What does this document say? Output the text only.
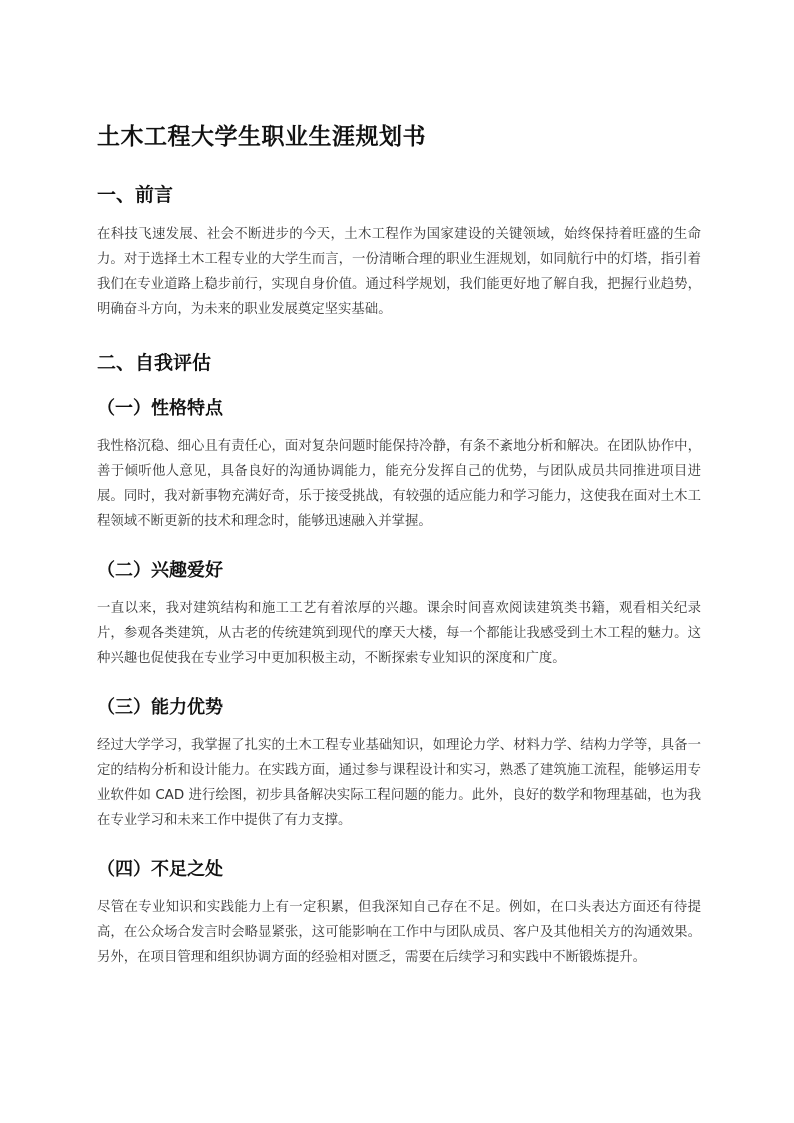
土木工程大学生职业生涯规划书
一、前言

在科技飞速发展、社会不断进步的今天，土木工程作为国家建设的关键领域，始终保持着旺盛的生命力。对于选择土木工程专业的大学生而言，一份清晰合理的职业生涯规划，如同航行中的灯塔，指引着我们在专业道路上稳步前行，实现自身价值。通过科学规划，我们能更好地了解自我，把握行业趋势，明确奋斗方向，为未来的职业发展奠定坚实基础。

二、自我评估
（一）性格特点

我性格沉稳、细心且有责任心，面对复杂问题时能保持冷静，有条不紊地分析和解决。在团队协作中，善于倾听他人意见，具备良好的沟通协调能力，能充分发挥自己的优势，与团队成员共同推进项目进展。同时，我对新事物充满好奇，乐于接受挑战，有较强的适应能力和学习能力，这使我在面对土木工程领域不断更新的技术和理念时，能够迅速融入并掌握。

（二）兴趣爱好

一直以来，我对建筑结构和施工工艺有着浓厚的兴趣。课余时间喜欢阅读建筑类书籍，观看相关纪录片，参观各类建筑，从古老的传统建筑到现代的摩天大楼，每一个都能让我感受到土木工程的魅力。这种兴趣也促使我在专业学习中更加积极主动，不断探索专业知识的深度和广度。

（三）能力优势

经过大学学习，我掌握了扎实的土木工程专业基础知识，如理论力学、材料力学、结构力学等，具备一定的结构分析和设计能力。在实践方面，通过参与课程设计和实习，熟悉了建筑施工流程，能够运用专业软件如 CAD 进行绘图，初步具备解决实际工程问题的能力。此外，良好的数学和物理基础，也为我在专业学习和未来工作中提供了有力支撑。

（四）不足之处

尽管在专业知识和实践能力上有一定积累，但我深知自己存在不足。例如，在口头表达方面还有待提高，在公众场合发言时会略显紧张，这可能影响在工作中与团队成员、客户及其他相关方的沟通效果。另外，在项目管理和组织协调方面的经验相对匮乏，需要在后续学习和实践中不断锻炼提升。
